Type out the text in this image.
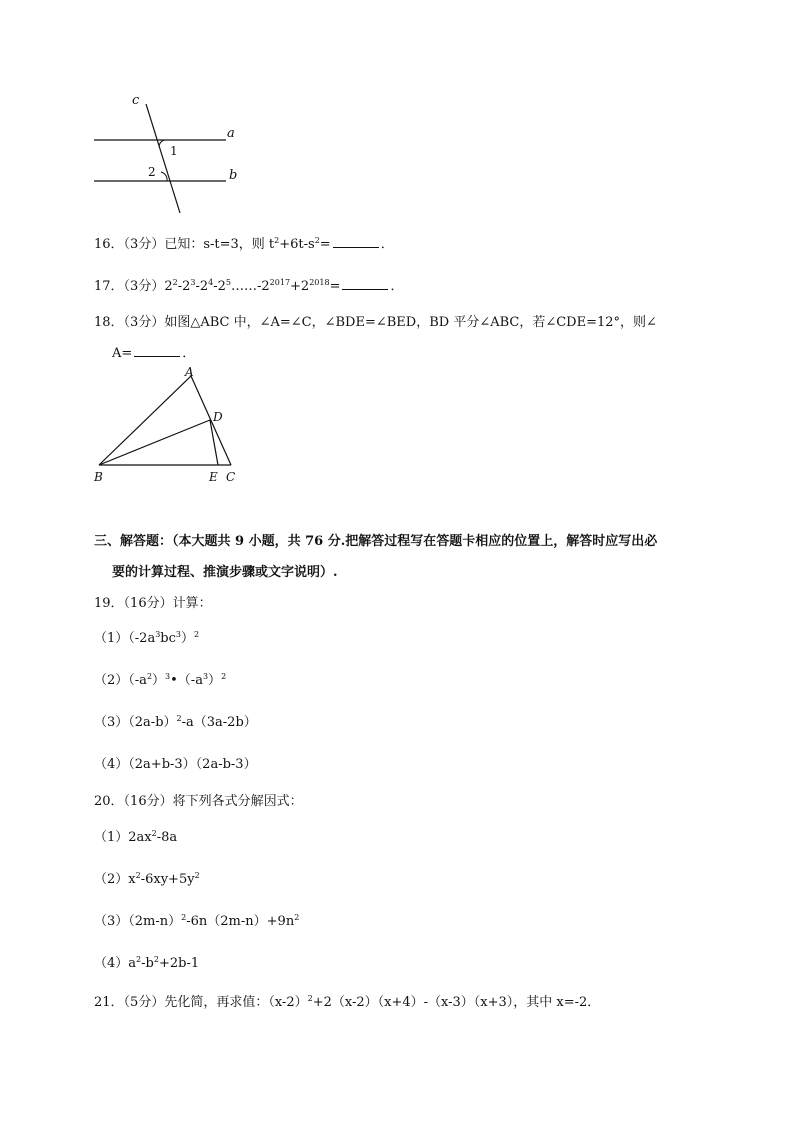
c
a
b
1
2
16．（3分）已知：s-t=3，则 $t^2+6t-s^2=$	．
17．（3分）$2^2-2^3-2^4-2^5\dots\dots-2^{2017}+2^{2018}=$	．
18．（3分）如图△ABC 中，∠A=∠C，∠BDE=∠BED，BD 平分∠ABC，若∠CDE=12°，则∠
A=	．
A
B	C
D
E
三、解答题：（本大题共 9 小题，共 76 分.把解答过程写在答题卡相应的位置上，解答时应写出必
要的计算过程、推演步骤或文字说明）.
19．（16分）计算：
$(1)(-2a^3bc^3)^2$
$(2)(-a^2)^3•(-a^3)^2$
$(3)(2a-b)^2-a(3a-2b)$
（4）（2a+b-3）（2a-b-3）
20．（16分）将下列各式分解因式：
$(1)2ax^2-8a$
$(2)x^2-6xy+5y^2$
$(3)(2m-n)^2-6n(2m-n)+9n^2$
$(4)a^2-b^2+2b-1$
21．（5分）先化简，再求值：$(x-2)^2+2(x-2)(x+4)-(x-3)(x+3)$，其中 x=-2．
